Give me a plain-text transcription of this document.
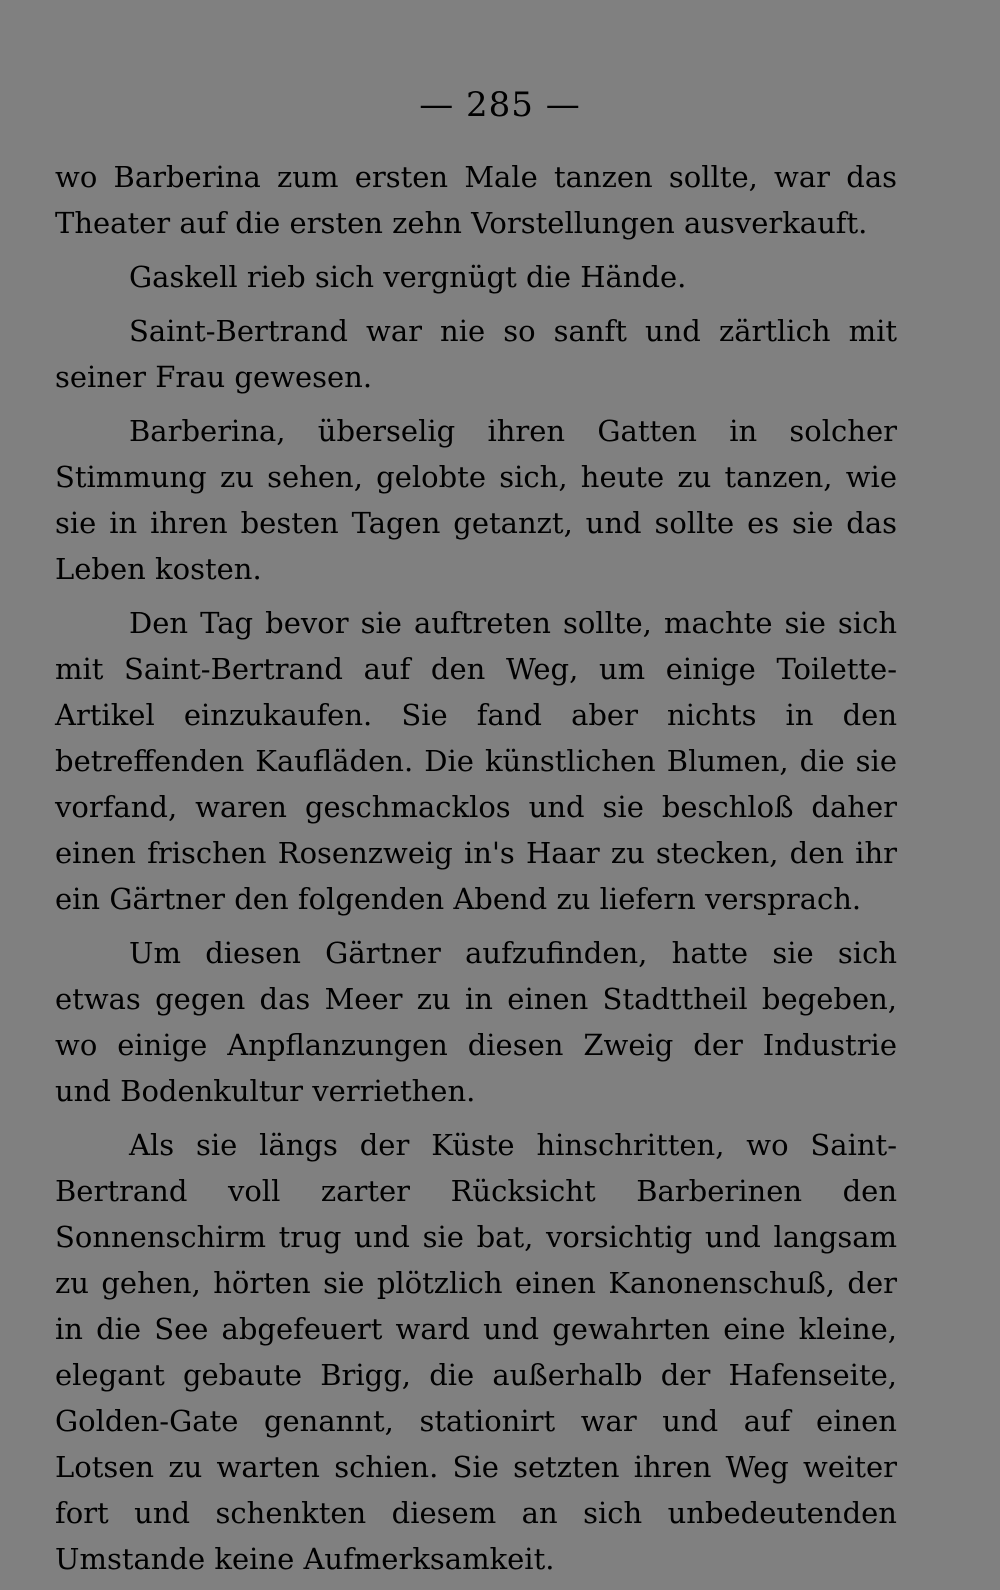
— 285 —

wo Barberina zum ersten Male tanzen sollte, war das Theater auf die ersten zehn Vorstellungen ausverkauft.

Gaskell rieb sich vergnügt die Hände.

Saint-Bertrand war nie so sanft und zärtlich mit seiner Frau gewesen.

Barberina, überselig ihren Gatten in solcher Stimmung zu sehen, gelobte sich, heute zu tanzen, wie sie in ihren besten Tagen getanzt, und sollte es sie das Leben kosten.

Den Tag bevor sie auftreten sollte, machte sie sich mit Saint-Bertrand auf den Weg, um einige Toilette-Artikel einzukaufen. Sie fand aber nichts in den betreffenden Kaufläden. Die künstlichen Blumen, die sie vorfand, waren geschmacklos und sie beschloß daher einen frischen Rosenzweig in's Haar zu stecken, den ihr ein Gärtner den folgenden Abend zu liefern versprach.

Um diesen Gärtner aufzufinden, hatte sie sich etwas gegen das Meer zu in einen Stadttheil begeben, wo einige Anpflanzungen diesen Zweig der Industrie und Bodenkultur verriethen.

Als sie längs der Küste hinschritten, wo Saint-Bertrand voll zarter Rücksicht Barberinen den Sonnenschirm trug und sie bat, vorsichtig und langsam zu gehen, hörten sie plötzlich einen Kanonenschuß, der in die See abgefeuert ward und gewahrten eine kleine, elegant gebaute Brigg, die außerhalb der Hafenseite, Golden-Gate genannt, stationirt war und auf einen Lotsen zu warten schien. Sie setzten ihren Weg weiter fort und schenkten diesem an sich unbedeutenden Umstande keine Aufmerksamkeit.
